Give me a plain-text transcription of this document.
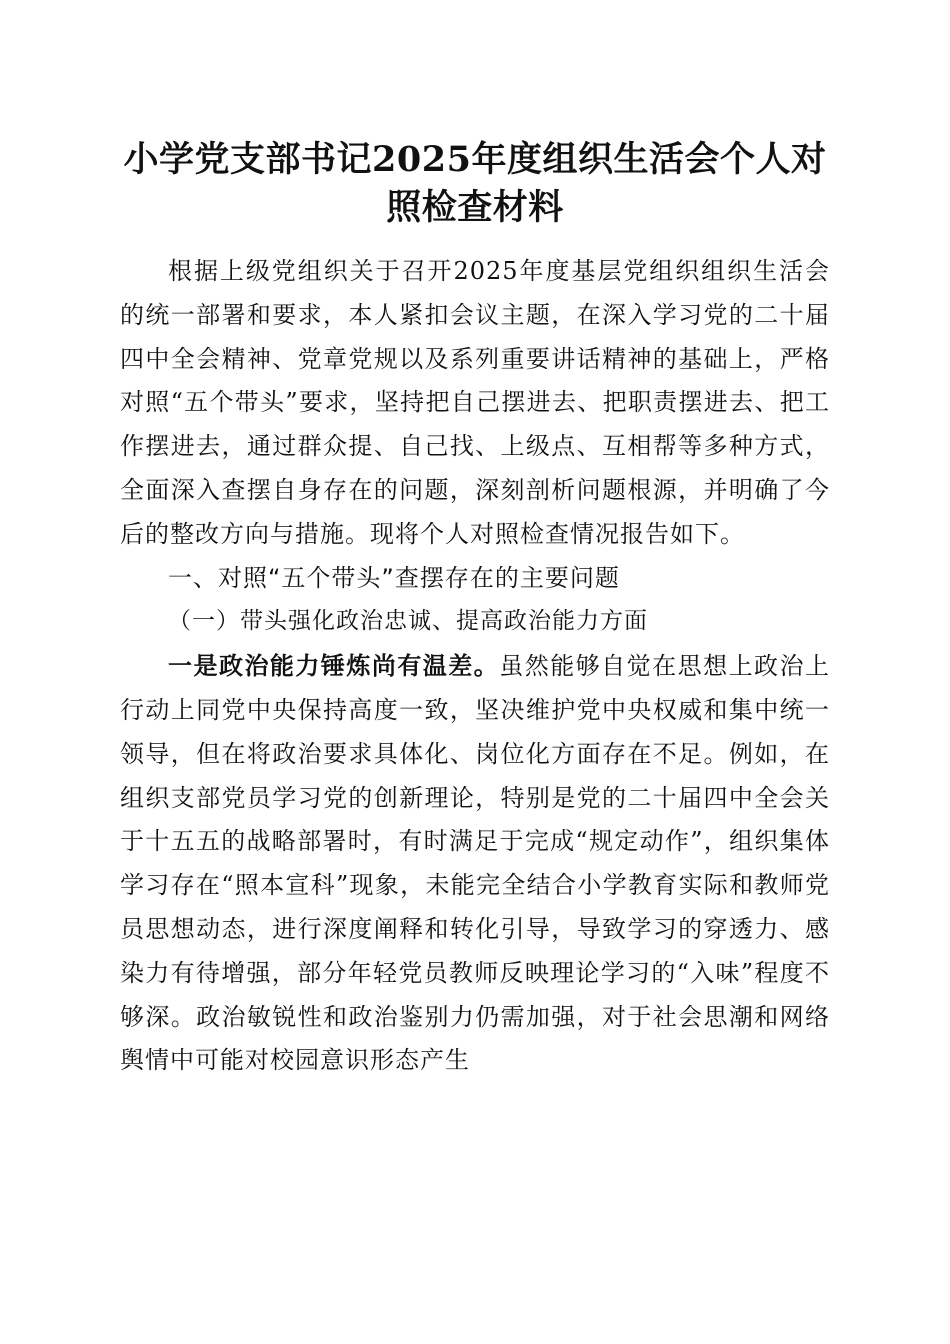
小学党支部书记2025年度组织生活会个人对
照检查材料

根据上级党组织关于召开2025年度基层党组织组织生活会的统一部署和要求，本人紧扣会议主题，在深入学习党的二十届四中全会精神、党章党规以及系列重要讲话精神的基础上，严格对照“五个带头”要求，坚持把自己摆进去、把职责摆进去、把工作摆进去，通过群众提、自己找、上级点、互相帮等多种方式，全面深入查摆自身存在的问题，深刻剖析问题根源，并明确了今后的整改方向与措施。现将个人对照检查情况报告如下。

一、对照“五个带头”查摆存在的主要问题

（一）带头强化政治忠诚、提高政治能力方面

一是政治能力锤炼尚有温差。虽然能够自觉在思想上政治上行动上同党中央保持高度一致，坚决维护党中央权威和集中统一领导，但在将政治要求具体化、岗位化方面存在不足。例如，在组织支部党员学习党的创新理论，特别是党的二十届四中全会关于十五五的战略部署时，有时满足于完成“规定动作”，组织集体学习存在“照本宣科”现象，未能完全结合小学教育实际和教师党员思想动态，进行深度阐释和转化引导，导致学习的穿透力、感染力有待增强，部分年轻党员教师反映理论学习的“入味”程度不够深。政治敏锐性和政治鉴别力仍需加强，对于社会思潮和网络舆情中可能对校园意识形态产生
